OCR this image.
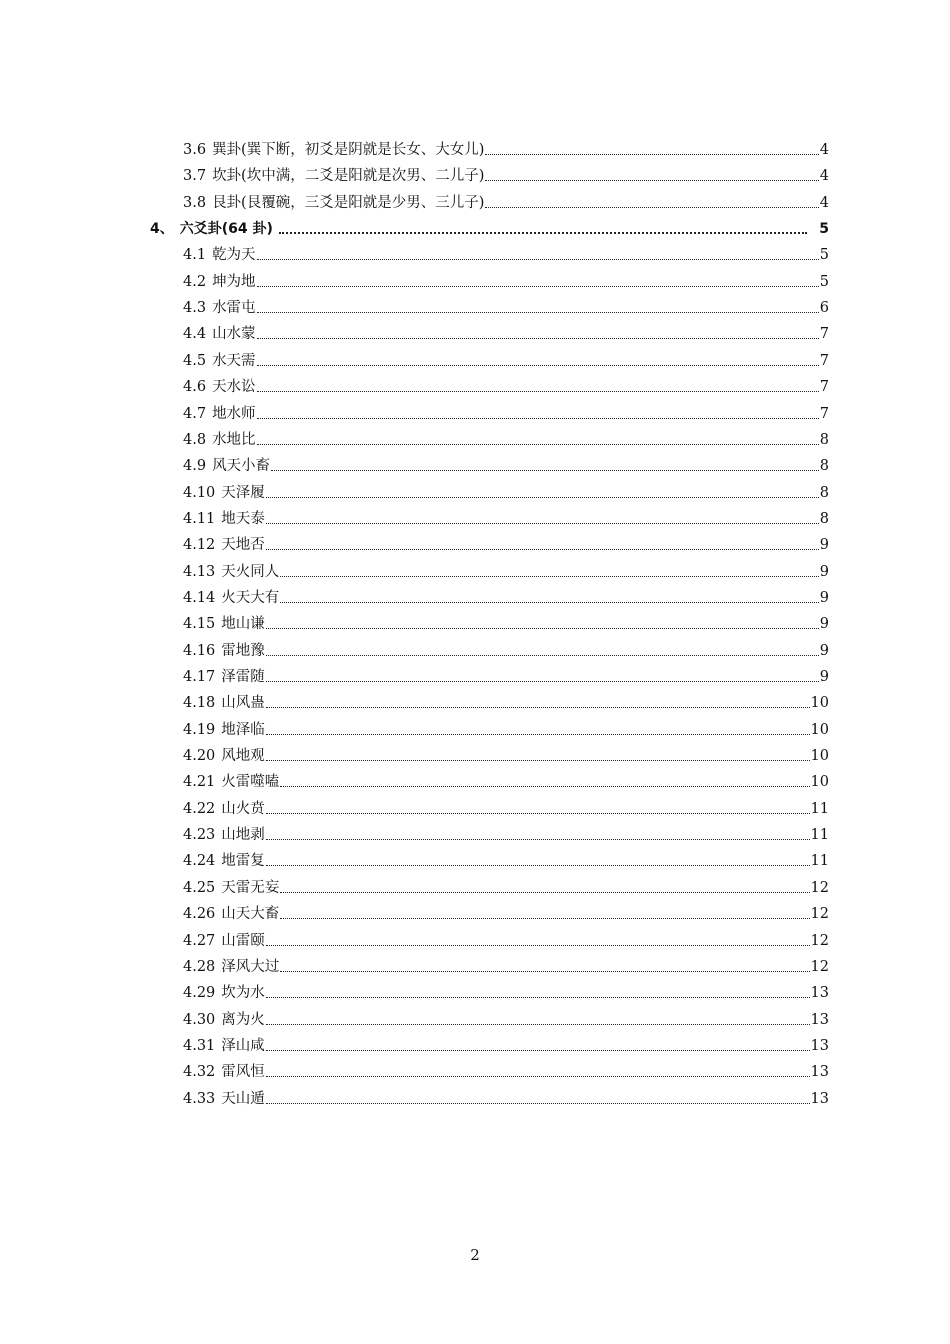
3.6 巽卦(巽下断，初爻是阴就是长女、大女儿)	4
3.7 坎卦(坎中满，二爻是阳就是次男、二儿子)	4
3.8 艮卦(艮覆碗，三爻是阳就是少男、三儿子)	4
4、 六爻卦(64 卦)	5
4.1 乾为天	5
4.2 坤为地	5
4.3 水雷屯	6
4.4 山水蒙	7
4.5 水天需	7
4.6 天水讼	7
4.7 地水师	7
4.8 水地比	8
4.9 风天小畜	8
4.10 天泽履	8
4.11 地天泰	8
4.12 天地否	9
4.13 天火同人	9
4.14 火天大有	9
4.15 地山谦	9
4.16 雷地豫	9
4.17 泽雷随	9
4.18 山风蛊	10
4.19 地泽临	10
4.20 风地观	10
4.21 火雷噬嗑	10
4.22 山火贲	11
4.23 山地剥	11
4.24 地雷复	11
4.25 天雷无妄	12
4.26 山天大畜	12
4.27 山雷颐	12
4.28 泽风大过	12
4.29 坎为水	13
4.30 离为火	13
4.31 泽山咸	13
4.32 雷风恒	13
4.33 天山遁	13
2
